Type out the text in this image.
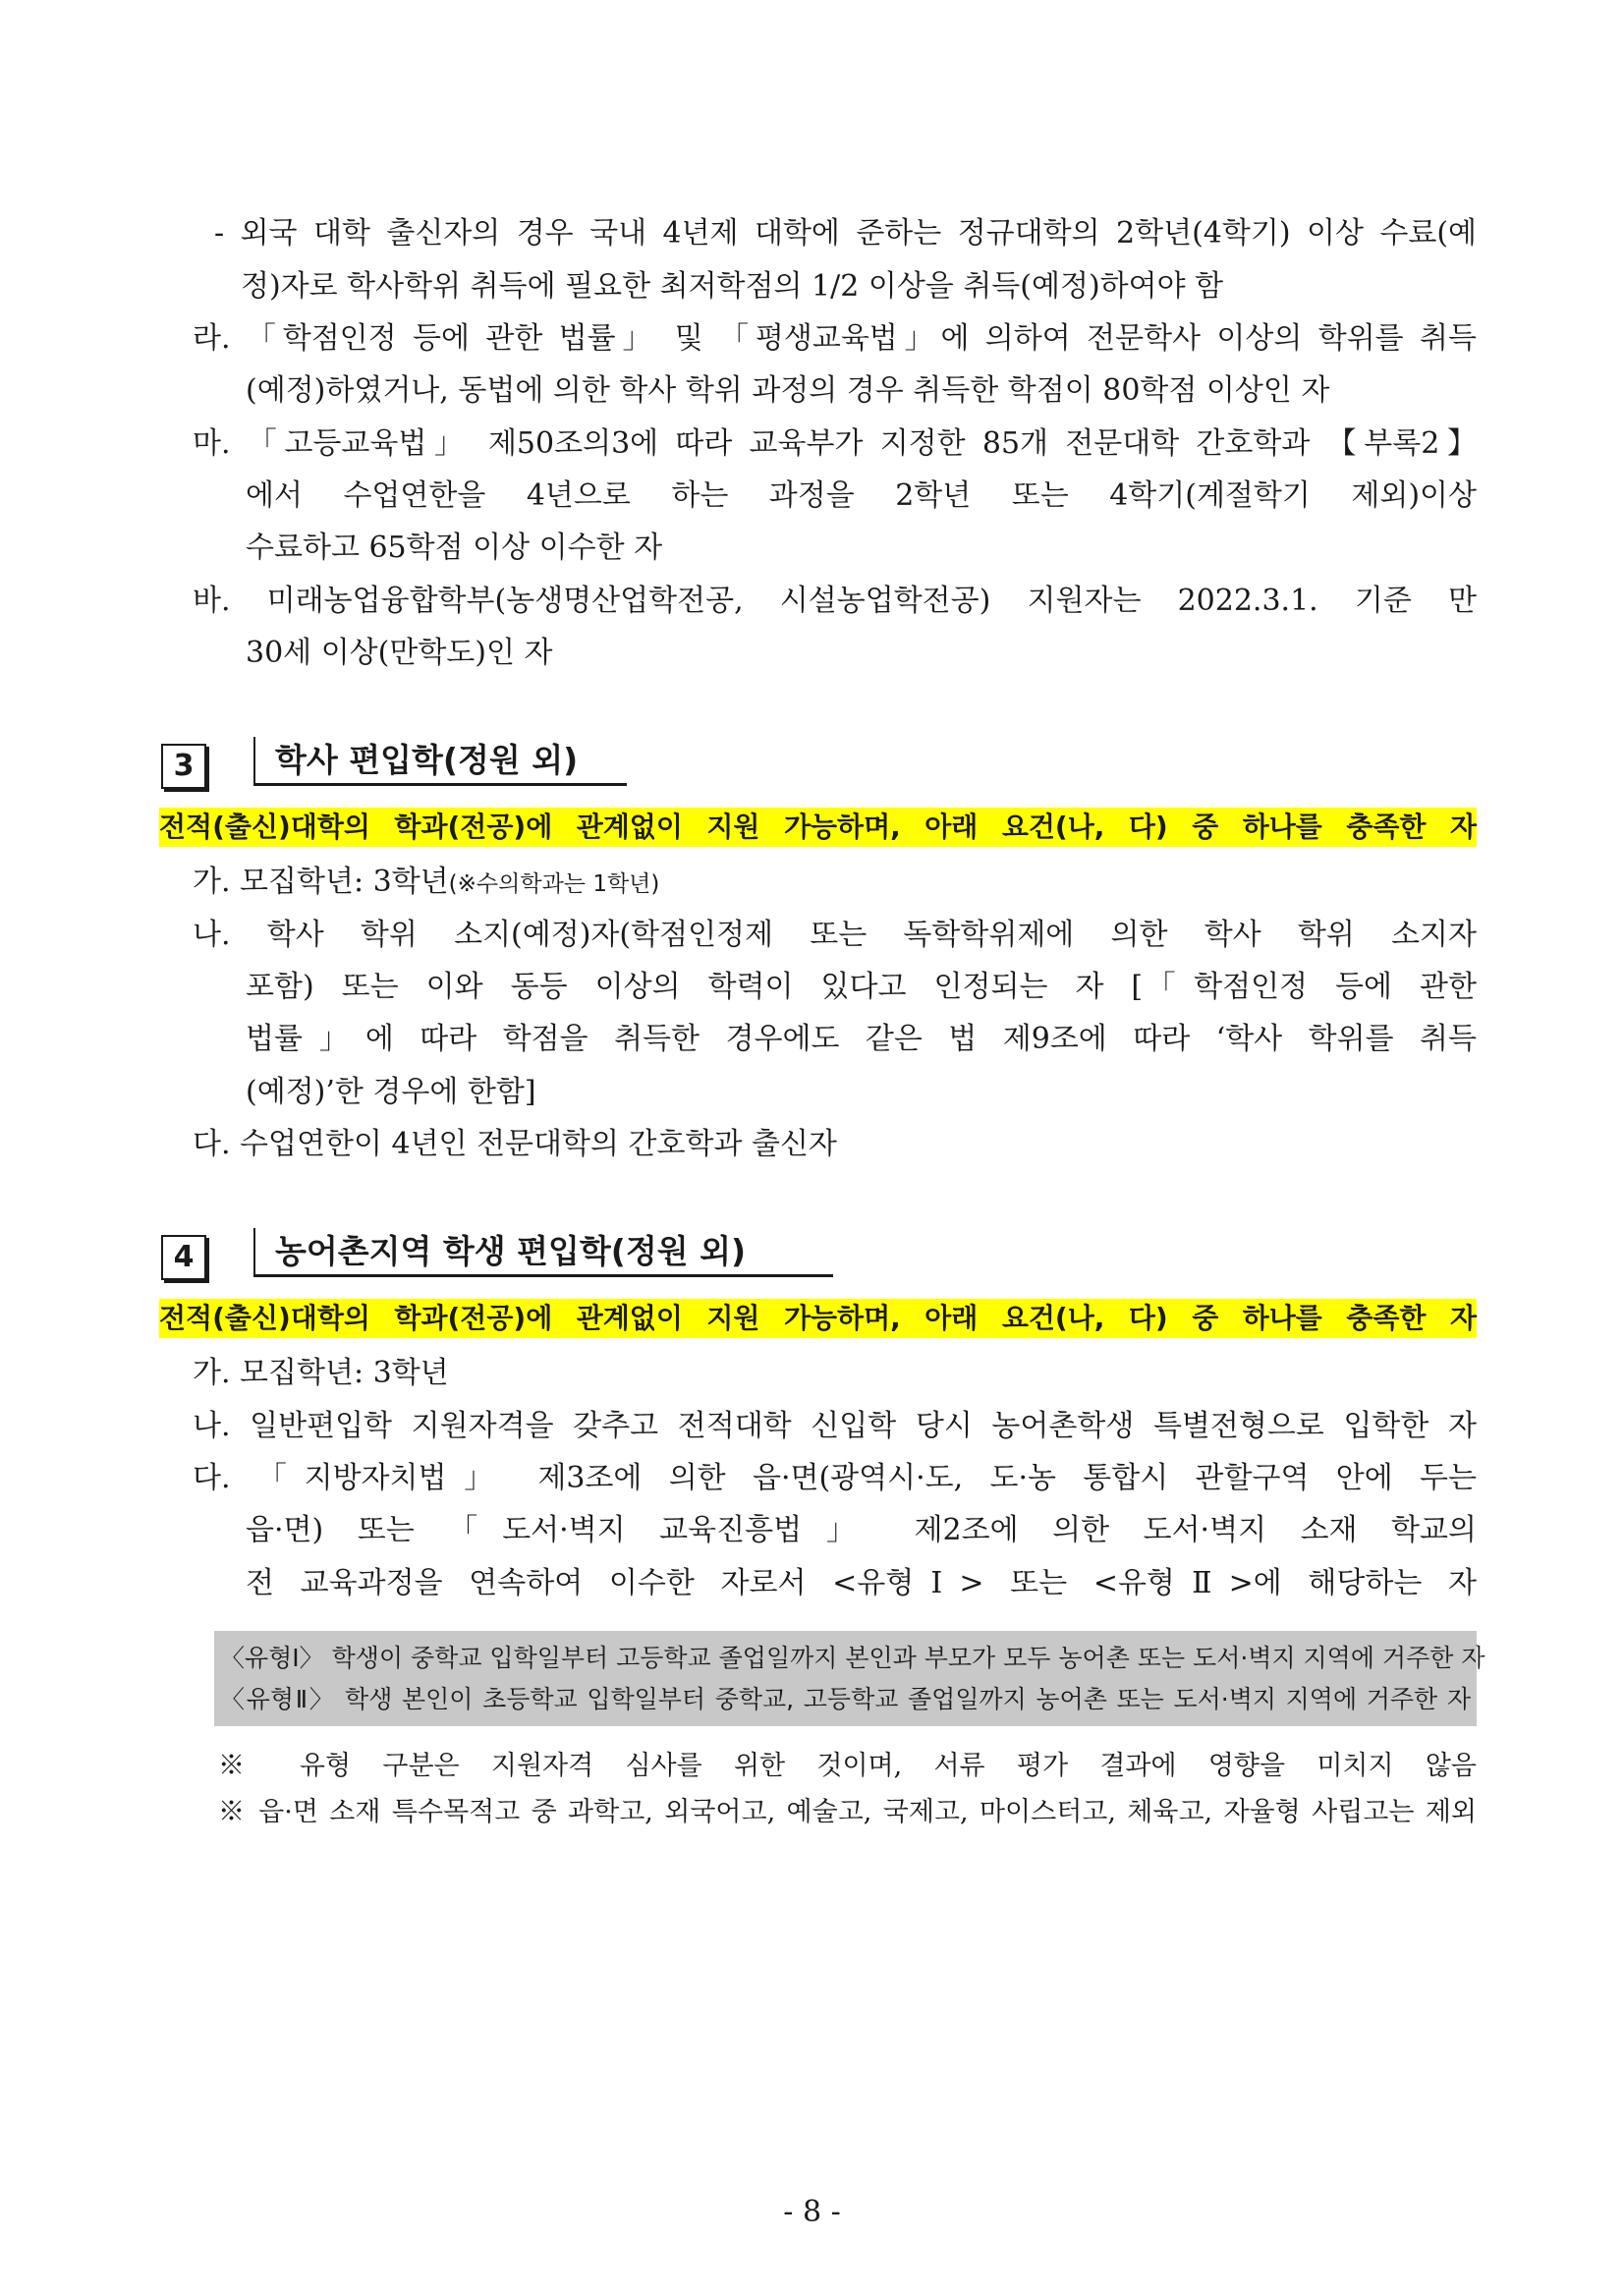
- 외국 대학 출신자의 경우 국내 4년제 대학에 준하는 정규대학의 2학년(4학기) 이상 수료(예
정)자로 학사학위 취득에 필요한 최저학점의 1/2 이상을 취득(예정)하여야 함
라. 「학점인정 등에 관한 법률」 및 「평생교육법」에 의하여 전문학사 이상의 학위를 취득
(예정)하였거나, 동법에 의한 학사 학위 과정의 경우 취득한 학점이 80학점 이상인 자
마. 「고등교육법」 제50조의3에 따라 교육부가 지정한 85개 전문대학 간호학과 【부록2】
에서 수업연한을 4년으로 하는 과정을 2학년 또는 4학기(계절학기 제외)이상
수료하고 65학점 이상 이수한 자
바. 미래농업융합학부(농생명산업학전공, 시설농업학전공) 지원자는 2022.3.1. 기준 만
30세 이상(만학도)인 자
3	학사 편입학(정원 외)
전적(출신)대학의 학과(전공)에 관계없이 지원 가능하며, 아래 요건(나, 다) 중 하나를 충족한 자
가. 모집학년: 3학년(※수의학과는 1학년)
나. 학사 학위 소지(예정)자(학점인정제 또는 독학학위제에 의한 학사 학위 소지자
포함) 또는 이와 동등 이상의 학력이 있다고 인정되는 자 [「학점인정 등에 관한
법률」에 따라 학점을 취득한 경우에도 같은 법 제9조에 따라 ‘학사 학위를 취득
(예정)’한 경우에 한함]
다. 수업연한이 4년인 전문대학의 간호학과 출신자
4	농어촌지역 학생 편입학(정원 외)
전적(출신)대학의 학과(전공)에 관계없이 지원 가능하며, 아래 요건(나, 다) 중 하나를 충족한 자
가. 모집학년: 3학년
나. 일반편입학 지원자격을 갖추고 전적대학 신입학 당시 농어촌학생 특별전형으로 입학한 자
다. 「지방자치법」 제3조에 의한 읍·면(광역시·도, 도·농 통합시 관할구역 안에 두는
읍·면) 또는 「도서·벽지 교육진흥법」 제2조에 의한 도서·벽지 소재 학교의
전 교육과정을 연속하여 이수한 자로서 <유형Ⅰ> 또는 <유형Ⅱ>에 해당하는 자
〈유형Ⅰ〉 학생이 중학교 입학일부터 고등학교 졸업일까지 본인과 부모가 모두 농어촌 또는 도서·벽지 지역에 거주한 자
〈유형Ⅱ〉 학생 본인이 초등학교 입학일부터 중학교, 고등학교 졸업일까지 농어촌 또는 도서·벽지 지역에 거주한 자
※ 유형 구분은 지원자격 심사를 위한 것이며, 서류 평가 결과에 영향을 미치지 않음
※ 읍·면 소재 특수목적고 중 과학고, 외국어고, 예술고, 국제고, 마이스터고, 체육고, 자율형 사립고는 제외
- 8 -
